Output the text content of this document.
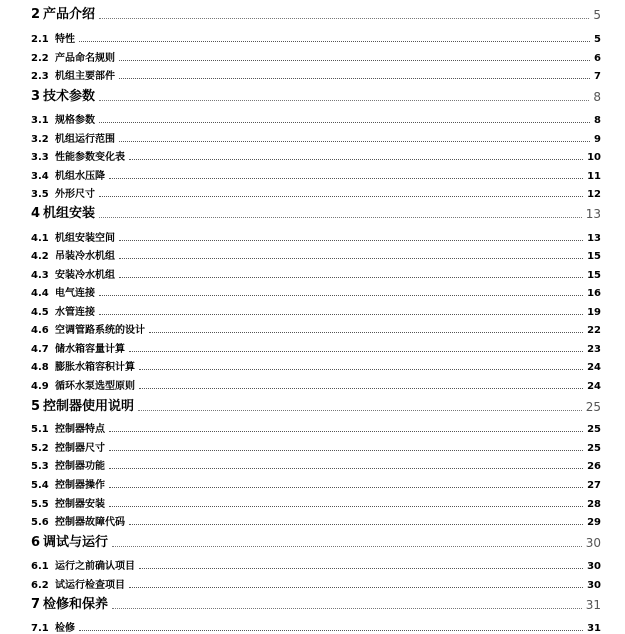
2 产品介绍	5
2.1 特性	5
2.2 产品命名规则	6
2.3 机组主要部件	7
3 技术参数	8
3.1 规格参数	8
3.2 机组运行范围	9
3.3 性能参数变化表	10
3.4 机组水压降	11
3.5 外形尺寸	12
4 机组安装	13
4.1 机组安装空间	13
4.2 吊装冷水机组	15
4.3 安装冷水机组	15
4.4 电气连接	16
4.5 水管连接	19
4.6 空调管路系统的设计	22
4.7 储水箱容量计算	23
4.8 膨胀水箱容积计算	24
4.9 循环水泵选型原则	24
5 控制器使用说明	25
5.1 控制器特点	25
5.2 控制器尺寸	25
5.3 控制器功能	26
5.4 控制器操作	27
5.5 控制器安装	28
5.6 控制器故障代码	29
6 调试与运行	30
6.1 运行之前确认项目	30
6.2 试运行检查项目	30
7 检修和保养	31
7.1 检修	31
